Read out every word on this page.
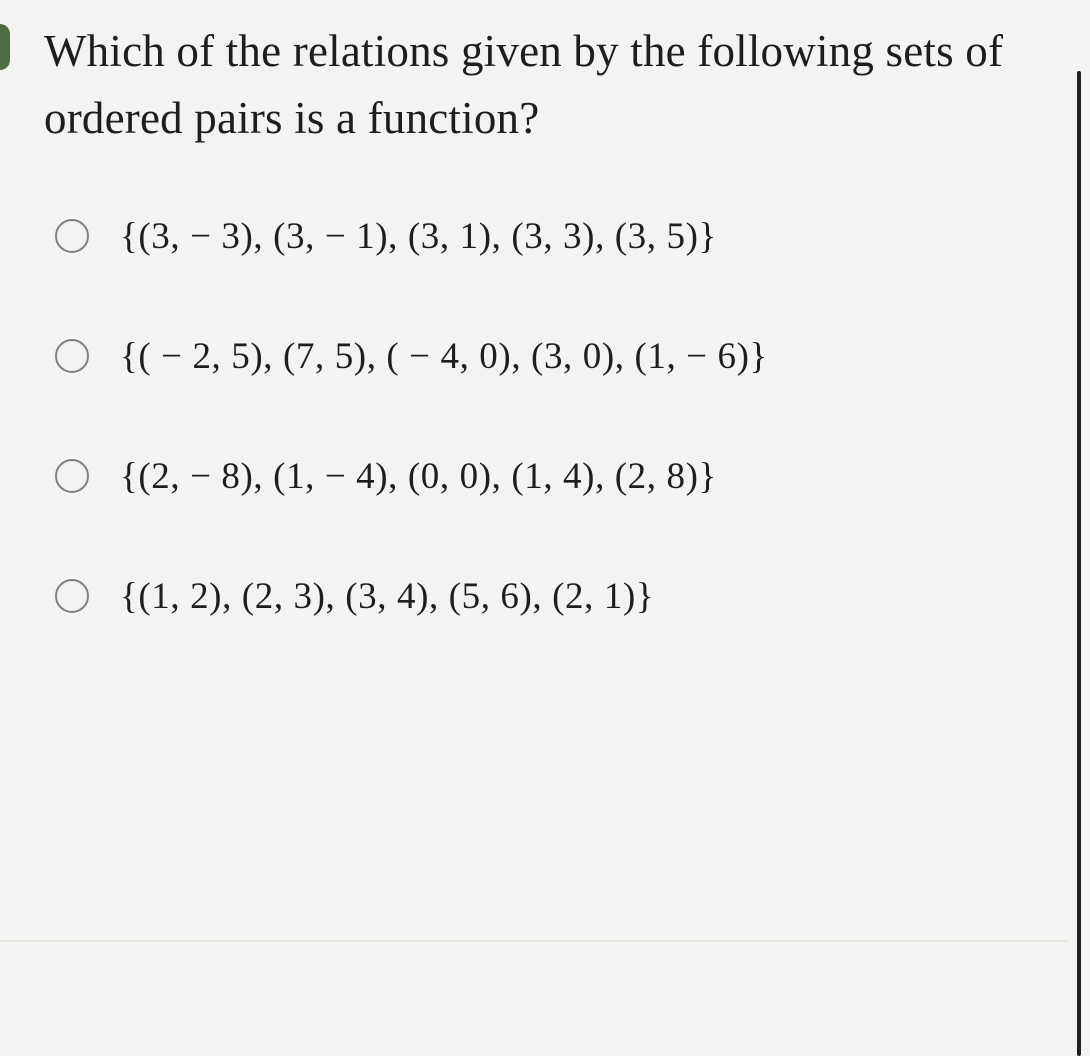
Which of the relations given by the following sets of ordered pairs is a function?
{(3, − 3), (3, − 1), (3, 1), (3, 3), (3, 5)}
{( − 2, 5), (7, 5), ( − 4, 0), (3, 0), (1, − 6)}
{(2, − 8), (1, − 4), (0, 0), (1, 4), (2, 8)}
{(1, 2), (2, 3), (3, 4), (5, 6), (2, 1)}
